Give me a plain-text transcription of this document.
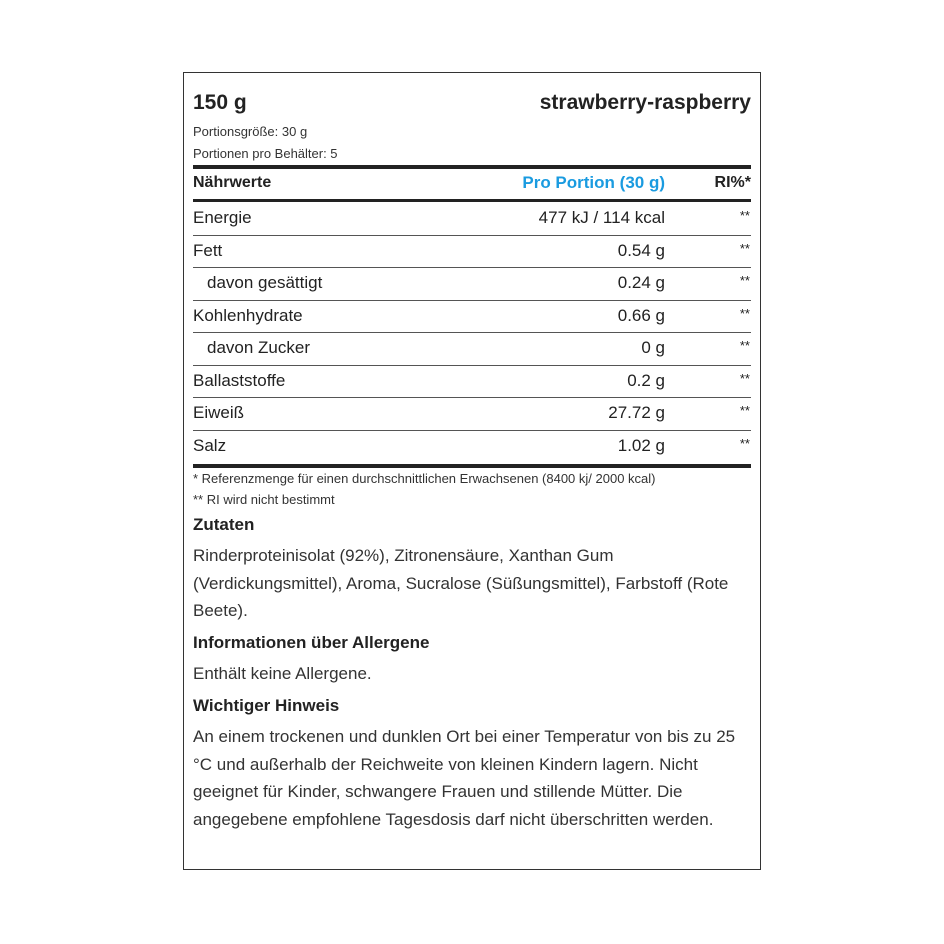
150 g	strawberry-raspberry
Portionsgröße: 30 g
Portionen pro Behälter: 5
Nährwerte	Pro Portion (30 g)	RI%*
Energie	477 kJ / 114 kcal	**
Fett	0.54 g	**
davon gesättigt	0.24 g	**
Kohlenhydrate	0.66 g	**
davon Zucker	0 g	**
Ballaststoffe	0.2 g	**
Eiweiß	27.72 g	**
Salz	1.02 g	**
* Referenzmenge für einen durchschnittlichen Erwachsenen (8400 kj/ 2000 kcal)
** RI wird nicht bestimmt
Zutaten
Rinderproteinisolat (92%), Zitronensäure, Xanthan Gum (Verdickungsmittel), Aroma, Sucralose (Süßungsmittel), Farbstoff (Rote Beete).
Informationen über Allergene
Enthält keine Allergene.
Wichtiger Hinweis
An einem trockenen und dunklen Ort bei einer Temperatur von bis zu 25 °C und außerhalb der Reichweite von kleinen Kindern lagern. Nicht geeignet für Kinder, schwangere Frauen und stillende Mütter. Die angegebene empfohlene Tagesdosis darf nicht überschritten werden.
